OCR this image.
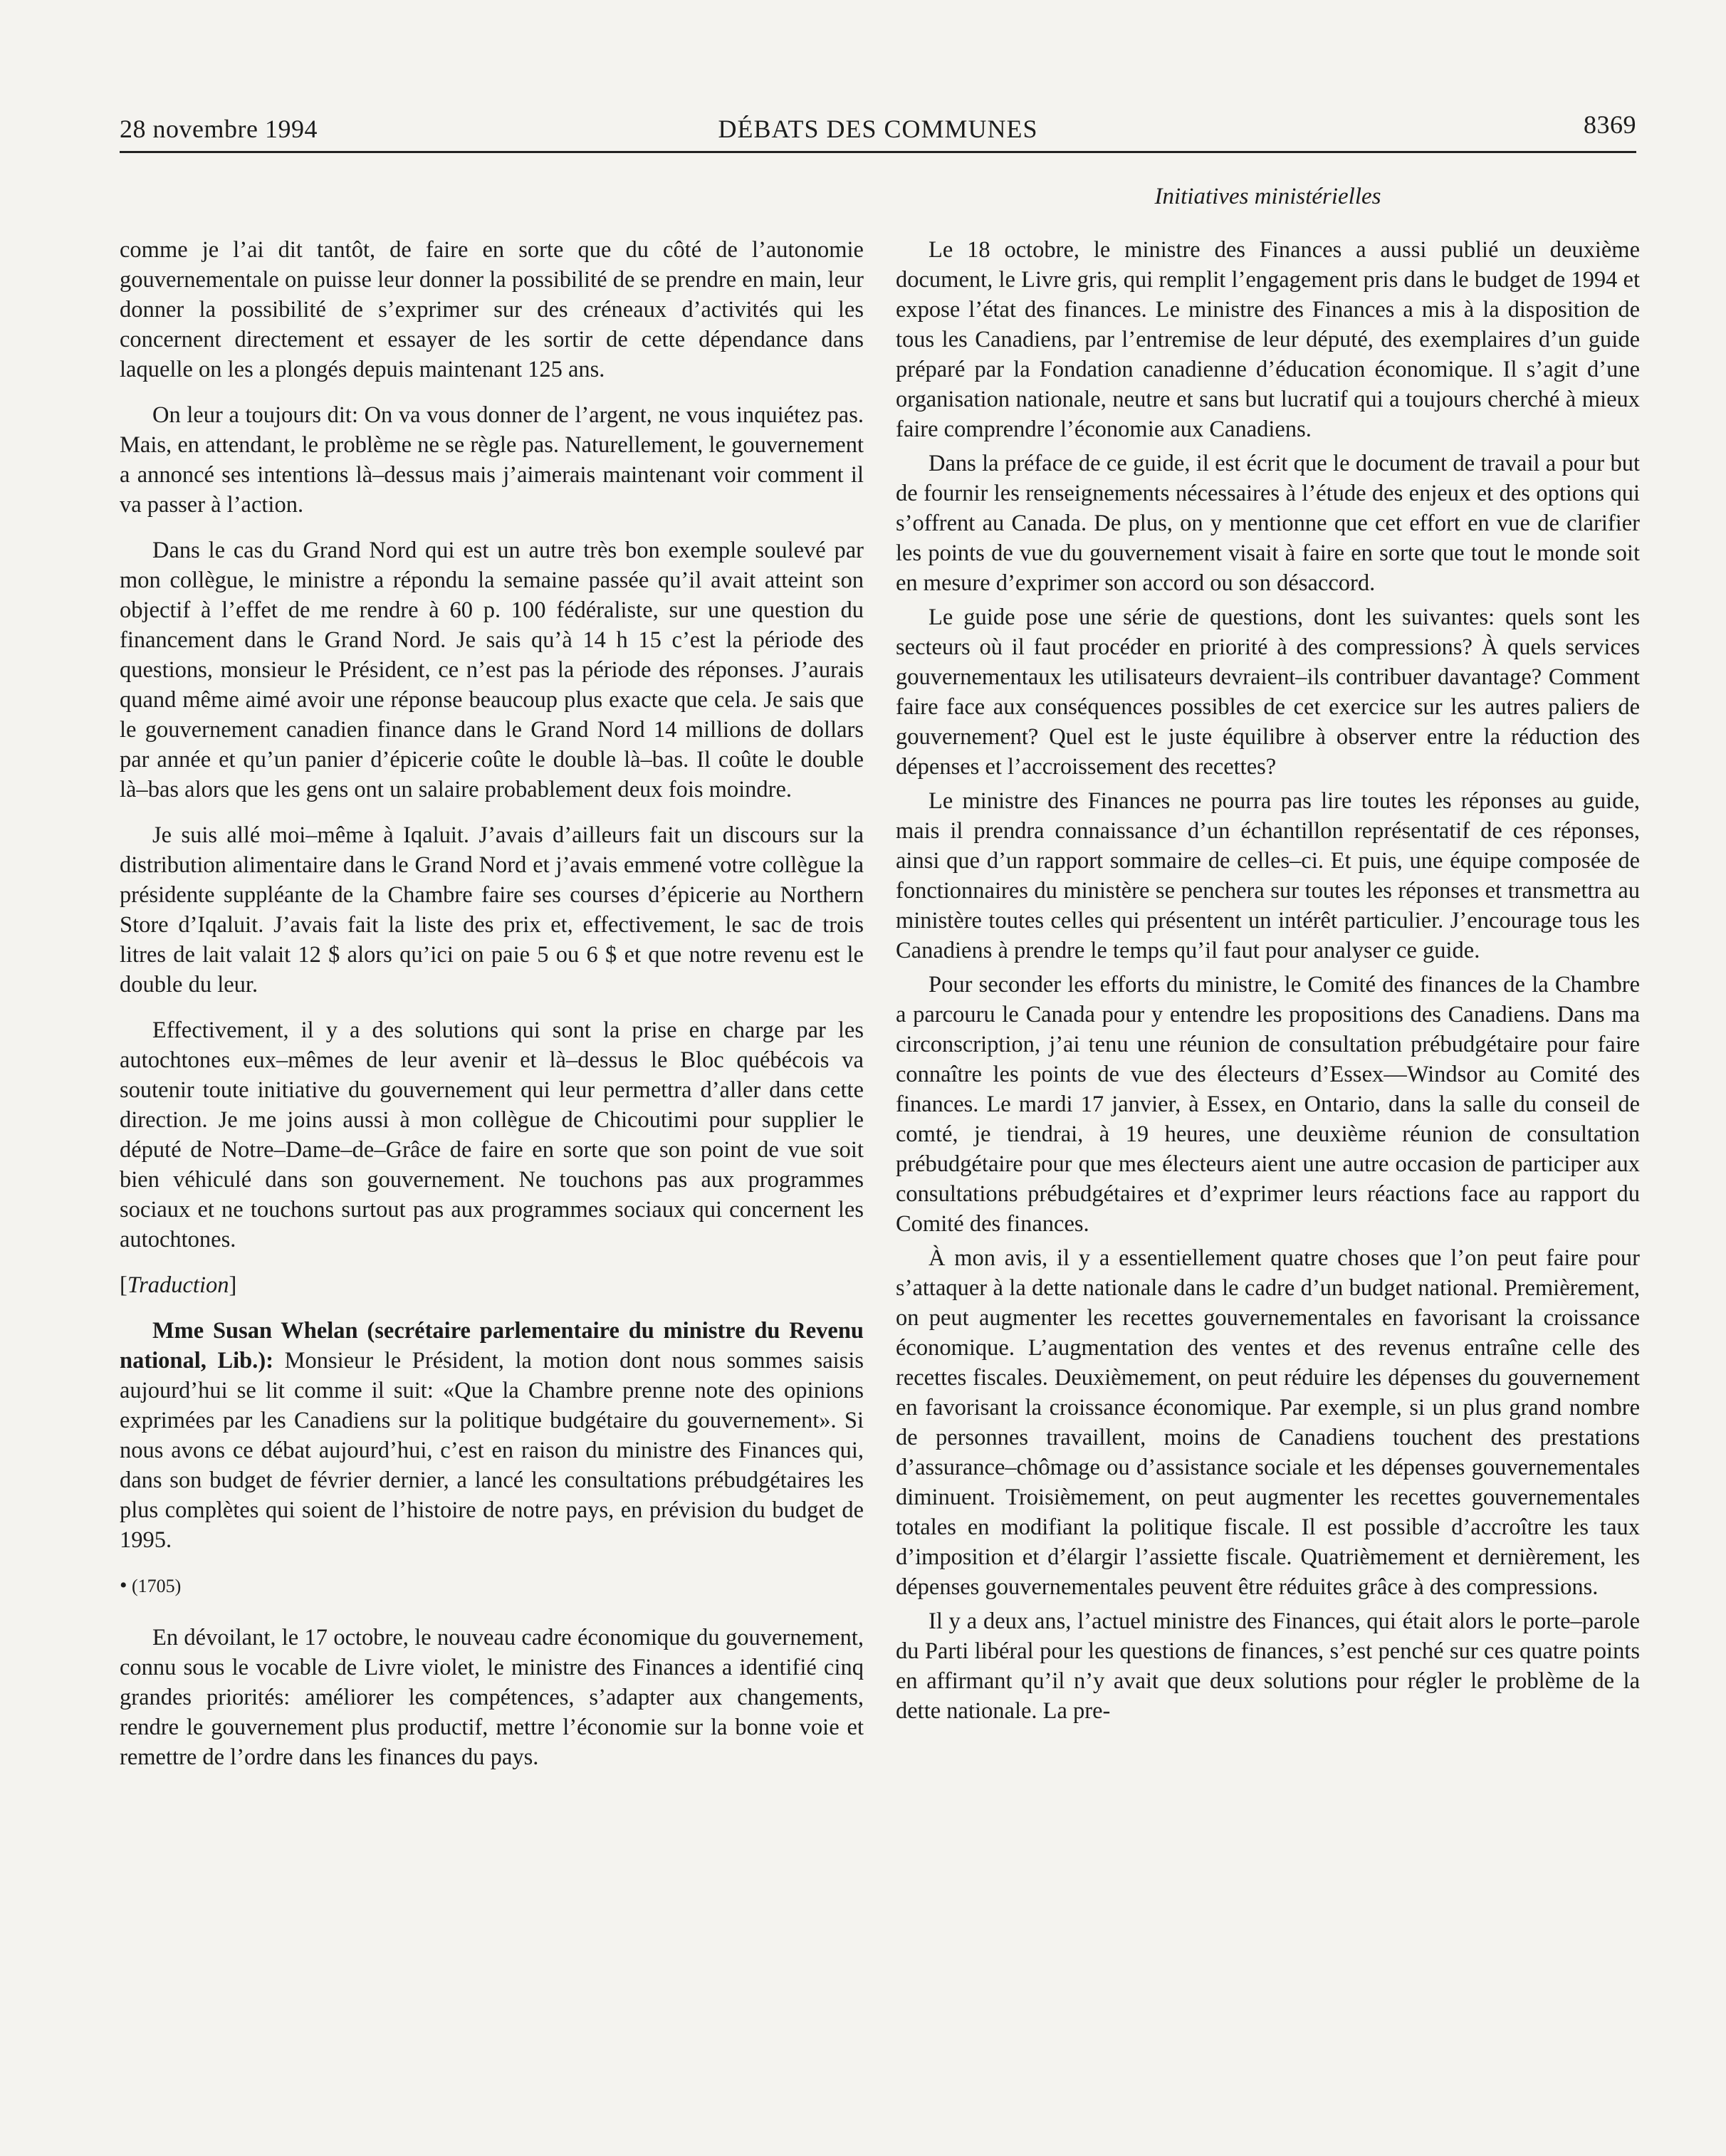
28 novembre 1994	DÉBATS DES COMMUNES	8369
Initiatives ministérielles

comme je l’ai dit tantôt, de faire en sorte que du côté de l’autonomie gouvernementale on puisse leur donner la possibilité de se prendre en main, leur donner la possibilité de s’exprimer sur des créneaux d’activités qui les concernent directement et essayer de les sortir de cette dépendance dans laquelle on les a plongés depuis maintenant 125 ans.

On leur a toujours dit: On va vous donner de l’argent, ne vous inquiétez pas. Mais, en attendant, le problème ne se règle pas. Naturellement, le gouvernement a annoncé ses intentions là–dessus mais j’aimerais maintenant voir comment il va passer à l’action.

Dans le cas du Grand Nord qui est un autre très bon exemple soulevé par mon collègue, le ministre a répondu la semaine passée qu’il avait atteint son objectif à l’effet de me rendre à 60 p. 100 fédéraliste, sur une question du financement dans le Grand Nord. Je sais qu’à 14 h 15 c’est la période des questions, monsieur le Président, ce n’est pas la période des réponses. J’aurais quand même aimé avoir une réponse beaucoup plus exacte que cela. Je sais que le gouvernement canadien finance dans le Grand Nord 14 millions de dollars par année et qu’un panier d’épicerie coûte le double là–bas. Il coûte le double là–bas alors que les gens ont un salaire probablement deux fois moindre.

Je suis allé moi–même à Iqaluit. J’avais d’ailleurs fait un discours sur la distribution alimentaire dans le Grand Nord et j’avais emmené votre collègue la présidente suppléante de la Chambre faire ses courses d’épicerie au Northern Store d’Iqaluit. J’avais fait la liste des prix et, effectivement, le sac de trois litres de lait valait 12 $ alors qu’ici on paie 5 ou 6 $ et que notre revenu est le double du leur.

Effectivement, il y a des solutions qui sont la prise en charge par les autochtones eux–mêmes de leur avenir et là–dessus le Bloc québécois va soutenir toute initiative du gouvernement qui leur permettra d’aller dans cette direction. Je me joins aussi à mon collègue de Chicoutimi pour supplier le député de Notre–Dame–de–Grâce de faire en sorte que son point de vue soit bien véhiculé dans son gouvernement. Ne touchons pas aux programmes sociaux et ne touchons surtout pas aux programmes sociaux qui concernent les autochtones.

[Traduction]

Mme Susan Whelan (secrétaire parlementaire du ministre du Revenu national, Lib.): Monsieur le Président, la motion dont nous sommes saisis aujourd’hui se lit comme il suit: «Que la Chambre prenne note des opinions exprimées par les Canadiens sur la politique budgétaire du gouvernement». Si nous avons ce débat aujourd’hui, c’est en raison du ministre des Finances qui, dans son budget de février dernier, a lancé les consultations prébudgétaires les plus complètes qui soient de l’histoire de notre pays, en prévision du budget de 1995.

• (1705)

En dévoilant, le 17 octobre, le nouveau cadre économique du gouvernement, connu sous le vocable de Livre violet, le ministre des Finances a identifié cinq grandes priorités: améliorer les compétences, s’adapter aux changements, rendre le gouvernement plus productif, mettre l’économie sur la bonne voie et remettre de l’ordre dans les finances du pays.

Le 18 octobre, le ministre des Finances a aussi publié un deuxième document, le Livre gris, qui remplit l’engagement pris dans le budget de 1994 et expose l’état des finances. Le ministre des Finances a mis à la disposition de tous les Canadiens, par l’entremise de leur député, des exemplaires d’un guide préparé par la Fondation canadienne d’éducation économique. Il s’agit d’une organisation nationale, neutre et sans but lucratif qui a toujours cherché à mieux faire comprendre l’économie aux Canadiens.

Dans la préface de ce guide, il est écrit que le document de travail a pour but de fournir les renseignements nécessaires à l’étude des enjeux et des options qui s’offrent au Canada. De plus, on y mentionne que cet effort en vue de clarifier les points de vue du gouvernement visait à faire en sorte que tout le monde soit en mesure d’exprimer son accord ou son désaccord.

Le guide pose une série de questions, dont les suivantes: quels sont les secteurs où il faut procéder en priorité à des compressions? À quels services gouvernementaux les utilisateurs devraient–ils contribuer davantage? Comment faire face aux conséquences possibles de cet exercice sur les autres paliers de gouvernement? Quel est le juste équilibre à observer entre la réduction des dépenses et l’accroissement des recettes?

Le ministre des Finances ne pourra pas lire toutes les réponses au guide, mais il prendra connaissance d’un échantillon représentatif de ces réponses, ainsi que d’un rapport sommaire de celles–ci. Et puis, une équipe composée de fonctionnaires du ministère se penchera sur toutes les réponses et transmettra au ministère toutes celles qui présentent un intérêt particulier. J’encourage tous les Canadiens à prendre le temps qu’il faut pour analyser ce guide.

Pour seconder les efforts du ministre, le Comité des finances de la Chambre a parcouru le Canada pour y entendre les propositions des Canadiens. Dans ma circonscription, j’ai tenu une réunion de consultation prébudgétaire pour faire connaître les points de vue des électeurs d’Essex—Windsor au Comité des finances. Le mardi 17 janvier, à Essex, en Ontario, dans la salle du conseil de comté, je tiendrai, à 19 heures, une deuxième réunion de consultation prébudgétaire pour que mes électeurs aient une autre occasion de participer aux consultations prébudgétaires et d’exprimer leurs réactions face au rapport du Comité des finances.

À mon avis, il y a essentiellement quatre choses que l’on peut faire pour s’attaquer à la dette nationale dans le cadre d’un budget national. Premièrement, on peut augmenter les recettes gouvernementales en favorisant la croissance économique. L’augmentation des ventes et des revenus entraîne celle des recettes fiscales. Deuxièmement, on peut réduire les dépenses du gouvernement en favorisant la croissance économique. Par exemple, si un plus grand nombre de personnes travaillent, moins de Canadiens touchent des prestations d’assurance–chômage ou d’assistance sociale et les dépenses gouvernementales diminuent. Troisièmement, on peut augmenter les recettes gouvernementales totales en modifiant la politique fiscale. Il est possible d’accroître les taux d’imposition et d’élargir l’assiette fiscale. Quatrièmement et dernièrement, les dépenses gouvernementales peuvent être réduites grâce à des compressions.

Il y a deux ans, l’actuel ministre des Finances, qui était alors le porte–parole du Parti libéral pour les questions de finances, s’est penché sur ces quatre points en affirmant qu’il n’y avait que deux solutions pour régler le problème de la dette nationale. La pre-
